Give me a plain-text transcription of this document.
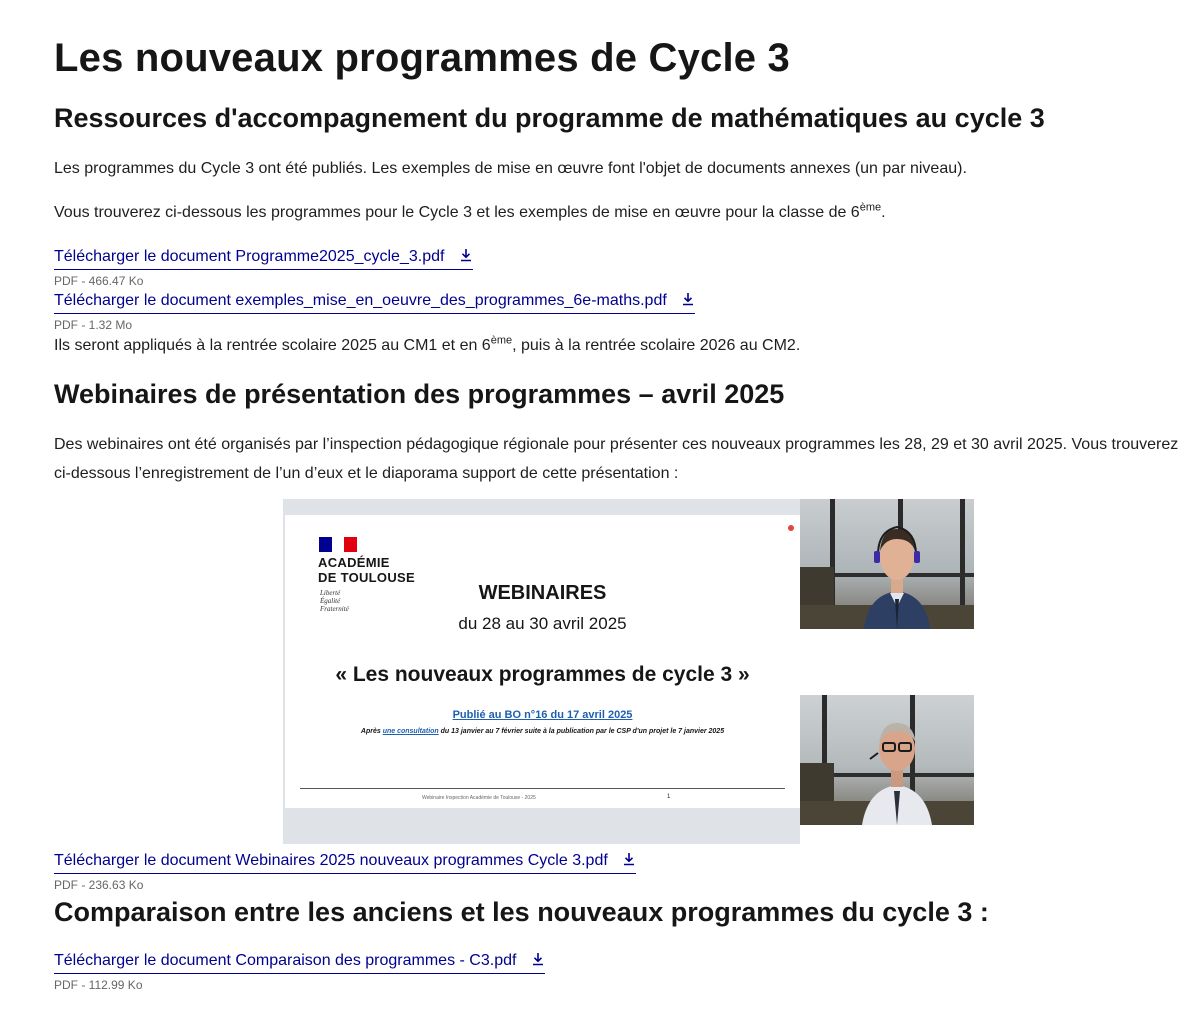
Les nouveaux programmes de Cycle 3
Ressources d'accompagnement du programme de mathématiques au cycle 3

Les programmes du Cycle 3 ont été publiés. Les exemples de mise en œuvre font l'objet de documents annexes (un par niveau).

Vous trouverez ci-dessous les programmes pour le Cycle 3 et les exemples de mise en œuvre pour la classe de 6ème.

Télécharger le document Programme2025_cycle_3.pdf
PDF - 466.47 Ko
Télécharger le document exemples_mise_en_oeuvre_des_programmes_6e-maths.pdf
PDF - 1.32 Mo

Ils seront appliqués à la rentrée scolaire 2025 au CM1 et en 6ème, puis à la rentrée scolaire 2026 au CM2.

Webinaires de présentation des programmes – avril 2025

Des webinaires ont été organisés par l’inspection pédagogique régionale pour présenter ces nouveaux programmes les 28, 29 et 30 avril 2025. Vous trouverez ci-dessous l’enregistrement de l’un d’eux et le diaporama support de cette présentation :

ACADÉMIE
DE TOULOUSE
Liberté
Égalité
Fraternité
WEBINAIRES
du 28 au 30 avril 2025
« Les nouveaux programmes de cycle 3 »
Publié au BO n°16 du 17 avril 2025
Après une consultation du 13 janvier au 7 février suite à la publication par le CSP d'un projet le 7 janvier 2025
Webinaire Inspection Académie de Toulouse - 2025	1
Télécharger le document Webinaires 2025 nouveaux programmes Cycle 3.pdf
PDF - 236.63 Ko
Comparaison entre les anciens et les nouveaux programmes du cycle 3 :
Télécharger le document Comparaison des programmes - C3.pdf
PDF - 112.99 Ko
